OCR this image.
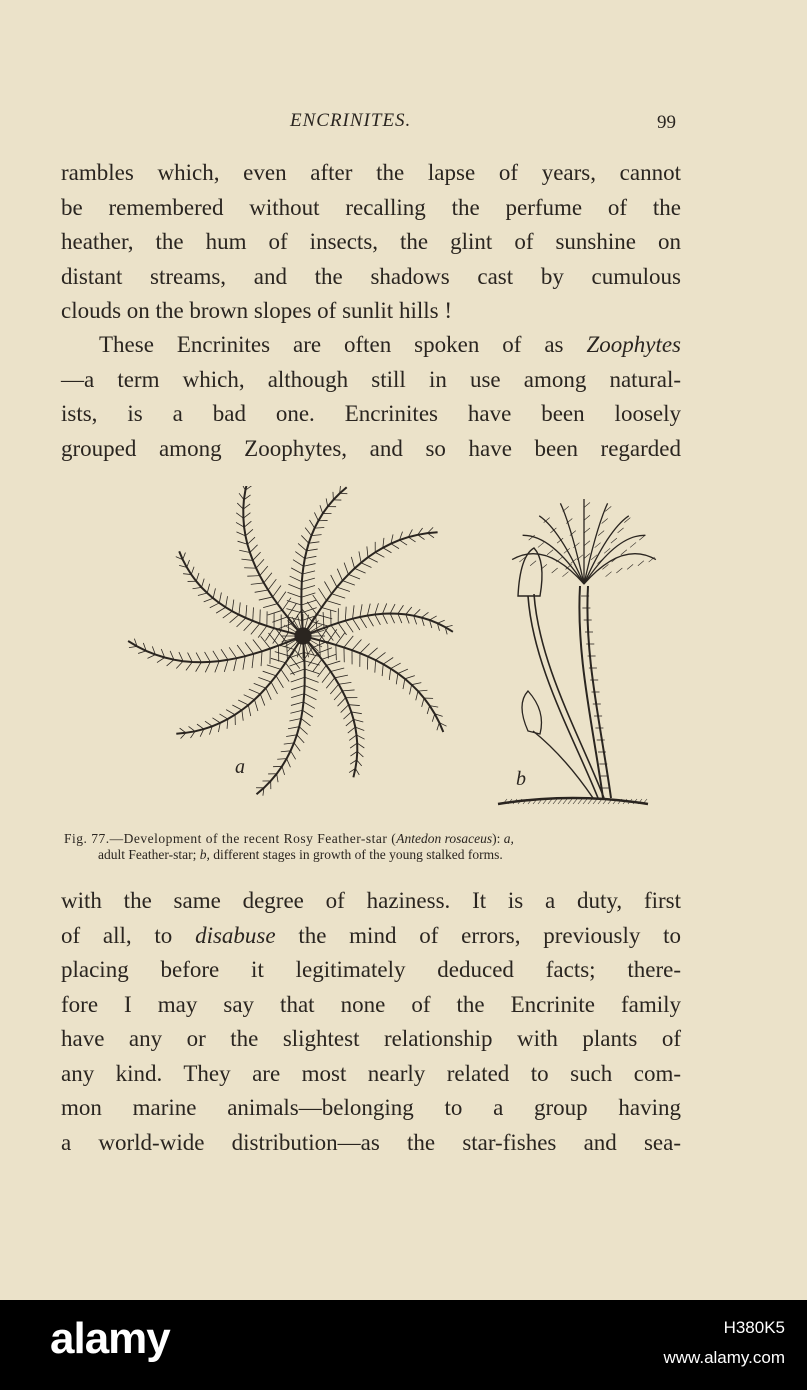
ENCRINITES.	99
rambles which, even after the lapse of years, cannot
be remembered without recalling the perfume of the
heather, the hum of insects, the glint of sunshine on
distant streams, and the shadows cast by cumulous
clouds on the brown slopes of sunlit hills !
These Encrinites are often spoken of as Zoophytes
—a term which, although still in use among natural-
ists, is a bad one. Encrinites have been loosely
grouped among Zoophytes, and so have been regarded
a
b
Fig. 77.—Development of the recent Rosy Feather-star (Antedon rosaceus): a,
adult Feather-star; b, different stages in growth of the young stalked forms.
with the same degree of haziness. It is a duty, first
of all, to disabuse the mind of errors, previously to
placing before it legitimately deduced facts; there-
fore I may say that none of the Encrinite family
have any or the slightest relationship with plants of
any kind. They are most nearly related to such com-
mon marine animals—belonging to a group having
a world-wide distribution—as the star-fishes and sea-
alamy	H380K5
www.alamy.com
